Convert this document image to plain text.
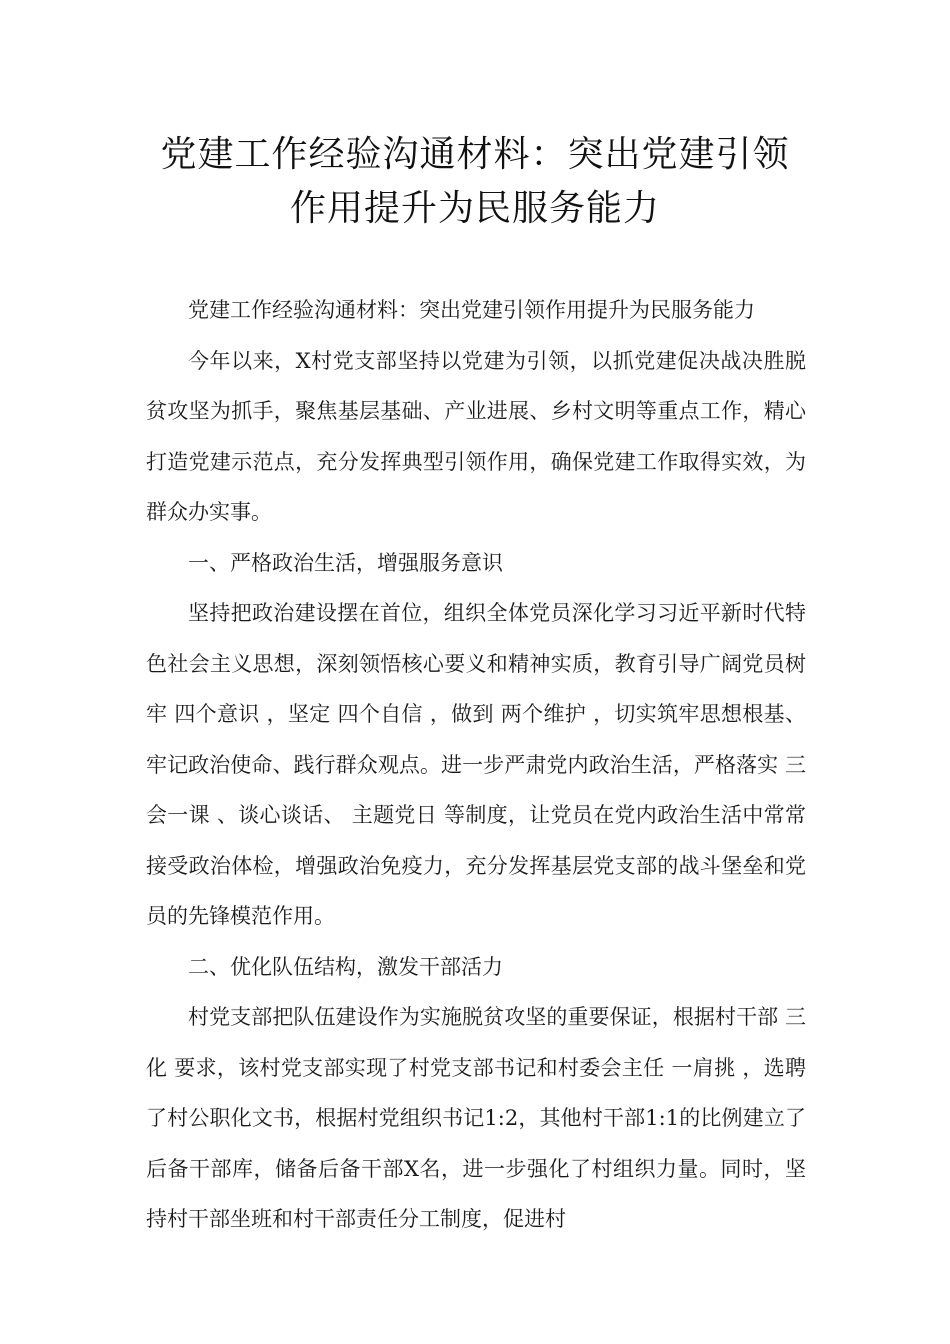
党建工作经验沟通材料：突出党建引领
作用提升为民服务能力

党建工作经验沟通材料：突出党建引领作用提升为民服务能力

今年以来，X村党支部坚持以党建为引领，以抓党建促决战决胜脱贫攻坚为抓手，聚焦基层基础、产业进展、乡村文明等重点工作，精心打造党建示范点，充分发挥典型引领作用，确保党建工作取得实效，为群众办实事。

一、严格政治生活，增强服务意识

坚持把政治建设摆在首位，组织全体党员深化学习习近平新时代特色社会主义思想，深刻领悟核心要义和精神实质，教育引导广阔党员树牢 四个意识 ，坚定 四个自信 ，做到 两个维护 ，切实筑牢思想根基、牢记政治使命、践行群众观点。进一步严肃党内政治生活，严格落实 三会一课 、谈心谈话、 主题党日 等制度，让党员在党内政治生活中常常接受政治体检，增强政治免疫力，充分发挥基层党支部的战斗堡垒和党员的先锋模范作用。

二、优化队伍结构，激发干部活力

村党支部把队伍建设作为实施脱贫攻坚的重要保证，根据村干部 三化 要求，该村党支部实现了村党支部书记和村委会主任 一肩挑 ，选聘了村公职化文书，根据村党组织书记1:2，其他村干部1:1的比例建立了后备干部库，储备后备干部X名，进一步强化了村组织力量。同时，坚持村干部坐班和村干部责任分工制度，促进村
